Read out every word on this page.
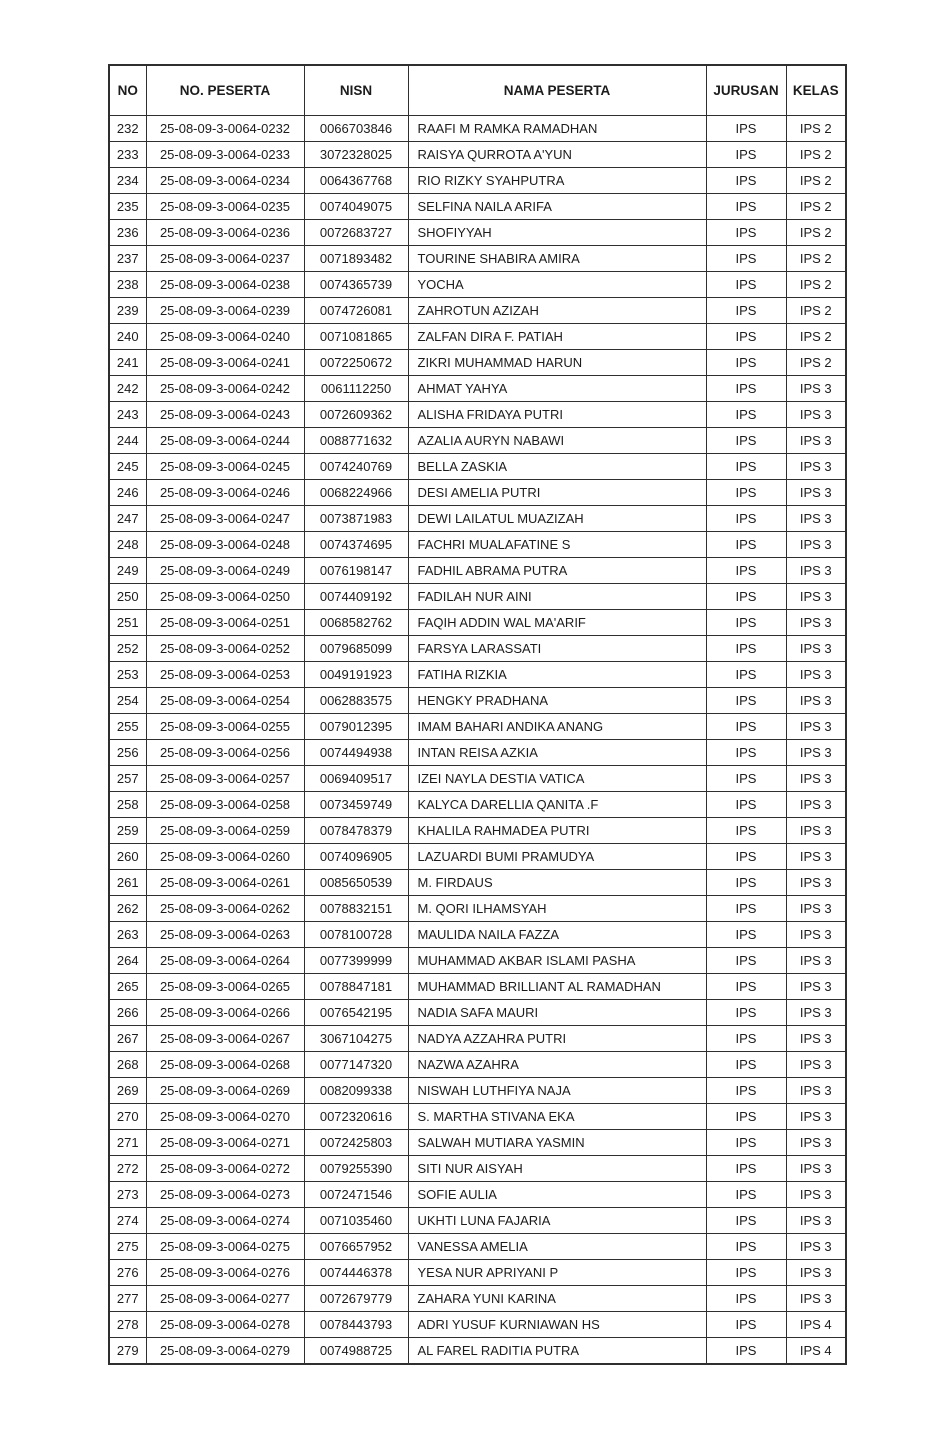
NO	NO. PESERTA	NISN	NAMA PESERTA	JURUSAN	KELAS
232	25-08-09-3-0064-0232	0066703846	RAAFI M RAMKA RAMADHAN	IPS	IPS 2
233	25-08-09-3-0064-0233	3072328025	RAISYA QURROTA A'YUN	IPS	IPS 2
234	25-08-09-3-0064-0234	0064367768	RIO RIZKY SYAHPUTRA	IPS	IPS 2
235	25-08-09-3-0064-0235	0074049075	SELFINA NAILA ARIFA	IPS	IPS 2
236	25-08-09-3-0064-0236	0072683727	SHOFIYYAH	IPS	IPS 2
237	25-08-09-3-0064-0237	0071893482	TOURINE SHABIRA AMIRA	IPS	IPS 2
238	25-08-09-3-0064-0238	0074365739	YOCHA	IPS	IPS 2
239	25-08-09-3-0064-0239	0074726081	ZAHROTUN AZIZAH	IPS	IPS 2
240	25-08-09-3-0064-0240	0071081865	ZALFAN DIRA F. PATIAH	IPS	IPS 2
241	25-08-09-3-0064-0241	0072250672	ZIKRI MUHAMMAD HARUN	IPS	IPS 2
242	25-08-09-3-0064-0242	0061112250	AHMAT YAHYA	IPS	IPS 3
243	25-08-09-3-0064-0243	0072609362	ALISHA FRIDAYA PUTRI	IPS	IPS 3
244	25-08-09-3-0064-0244	0088771632	AZALIA AURYN NABAWI	IPS	IPS 3
245	25-08-09-3-0064-0245	0074240769	BELLA ZASKIA	IPS	IPS 3
246	25-08-09-3-0064-0246	0068224966	DESI AMELIA PUTRI	IPS	IPS 3
247	25-08-09-3-0064-0247	0073871983	DEWI LAILATUL MUAZIZAH	IPS	IPS 3
248	25-08-09-3-0064-0248	0074374695	FACHRI MUALAFATINE S	IPS	IPS 3
249	25-08-09-3-0064-0249	0076198147	FADHIL ABRAMA PUTRA	IPS	IPS 3
250	25-08-09-3-0064-0250	0074409192	FADILAH NUR AINI	IPS	IPS 3
251	25-08-09-3-0064-0251	0068582762	FAQIH ADDIN WAL MA'ARIF	IPS	IPS 3
252	25-08-09-3-0064-0252	0079685099	FARSYA LARASSATI	IPS	IPS 3
253	25-08-09-3-0064-0253	0049191923	FATIHA RIZKIA	IPS	IPS 3
254	25-08-09-3-0064-0254	0062883575	HENGKY PRADHANA	IPS	IPS 3
255	25-08-09-3-0064-0255	0079012395	IMAM BAHARI ANDIKA ANANG	IPS	IPS 3
256	25-08-09-3-0064-0256	0074494938	INTAN REISA AZKIA	IPS	IPS 3
257	25-08-09-3-0064-0257	0069409517	IZEI NAYLA DESTIA VATICA	IPS	IPS 3
258	25-08-09-3-0064-0258	0073459749	KALYCA DARELLIA QANITA .F	IPS	IPS 3
259	25-08-09-3-0064-0259	0078478379	KHALILA RAHMADEA PUTRI	IPS	IPS 3
260	25-08-09-3-0064-0260	0074096905	LAZUARDI BUMI PRAMUDYA	IPS	IPS 3
261	25-08-09-3-0064-0261	0085650539	M. FIRDAUS	IPS	IPS 3
262	25-08-09-3-0064-0262	0078832151	M. QORI ILHAMSYAH	IPS	IPS 3
263	25-08-09-3-0064-0263	0078100728	MAULIDA NAILA FAZZA	IPS	IPS 3
264	25-08-09-3-0064-0264	0077399999	MUHAMMAD AKBAR ISLAMI PASHA	IPS	IPS 3
265	25-08-09-3-0064-0265	0078847181	MUHAMMAD BRILLIANT AL RAMADHAN	IPS	IPS 3
266	25-08-09-3-0064-0266	0076542195	NADIA SAFA MAURI	IPS	IPS 3
267	25-08-09-3-0064-0267	3067104275	NADYA AZZAHRA PUTRI	IPS	IPS 3
268	25-08-09-3-0064-0268	0077147320	NAZWA AZAHRA	IPS	IPS 3
269	25-08-09-3-0064-0269	0082099338	NISWAH LUTHFIYA NAJA	IPS	IPS 3
270	25-08-09-3-0064-0270	0072320616	S. MARTHA STIVANA EKA	IPS	IPS 3
271	25-08-09-3-0064-0271	0072425803	SALWAH MUTIARA YASMIN	IPS	IPS 3
272	25-08-09-3-0064-0272	0079255390	SITI NUR AISYAH	IPS	IPS 3
273	25-08-09-3-0064-0273	0072471546	SOFIE AULIA	IPS	IPS 3
274	25-08-09-3-0064-0274	0071035460	UKHTI LUNA FAJARIA	IPS	IPS 3
275	25-08-09-3-0064-0275	0076657952	VANESSA AMELIA	IPS	IPS 3
276	25-08-09-3-0064-0276	0074446378	YESA NUR APRIYANI P	IPS	IPS 3
277	25-08-09-3-0064-0277	0072679779	ZAHARA YUNI KARINA	IPS	IPS 3
278	25-08-09-3-0064-0278	0078443793	ADRI YUSUF KURNIAWAN HS	IPS	IPS 4
279	25-08-09-3-0064-0279	0074988725	AL FAREL RADITIA PUTRA	IPS	IPS 4
